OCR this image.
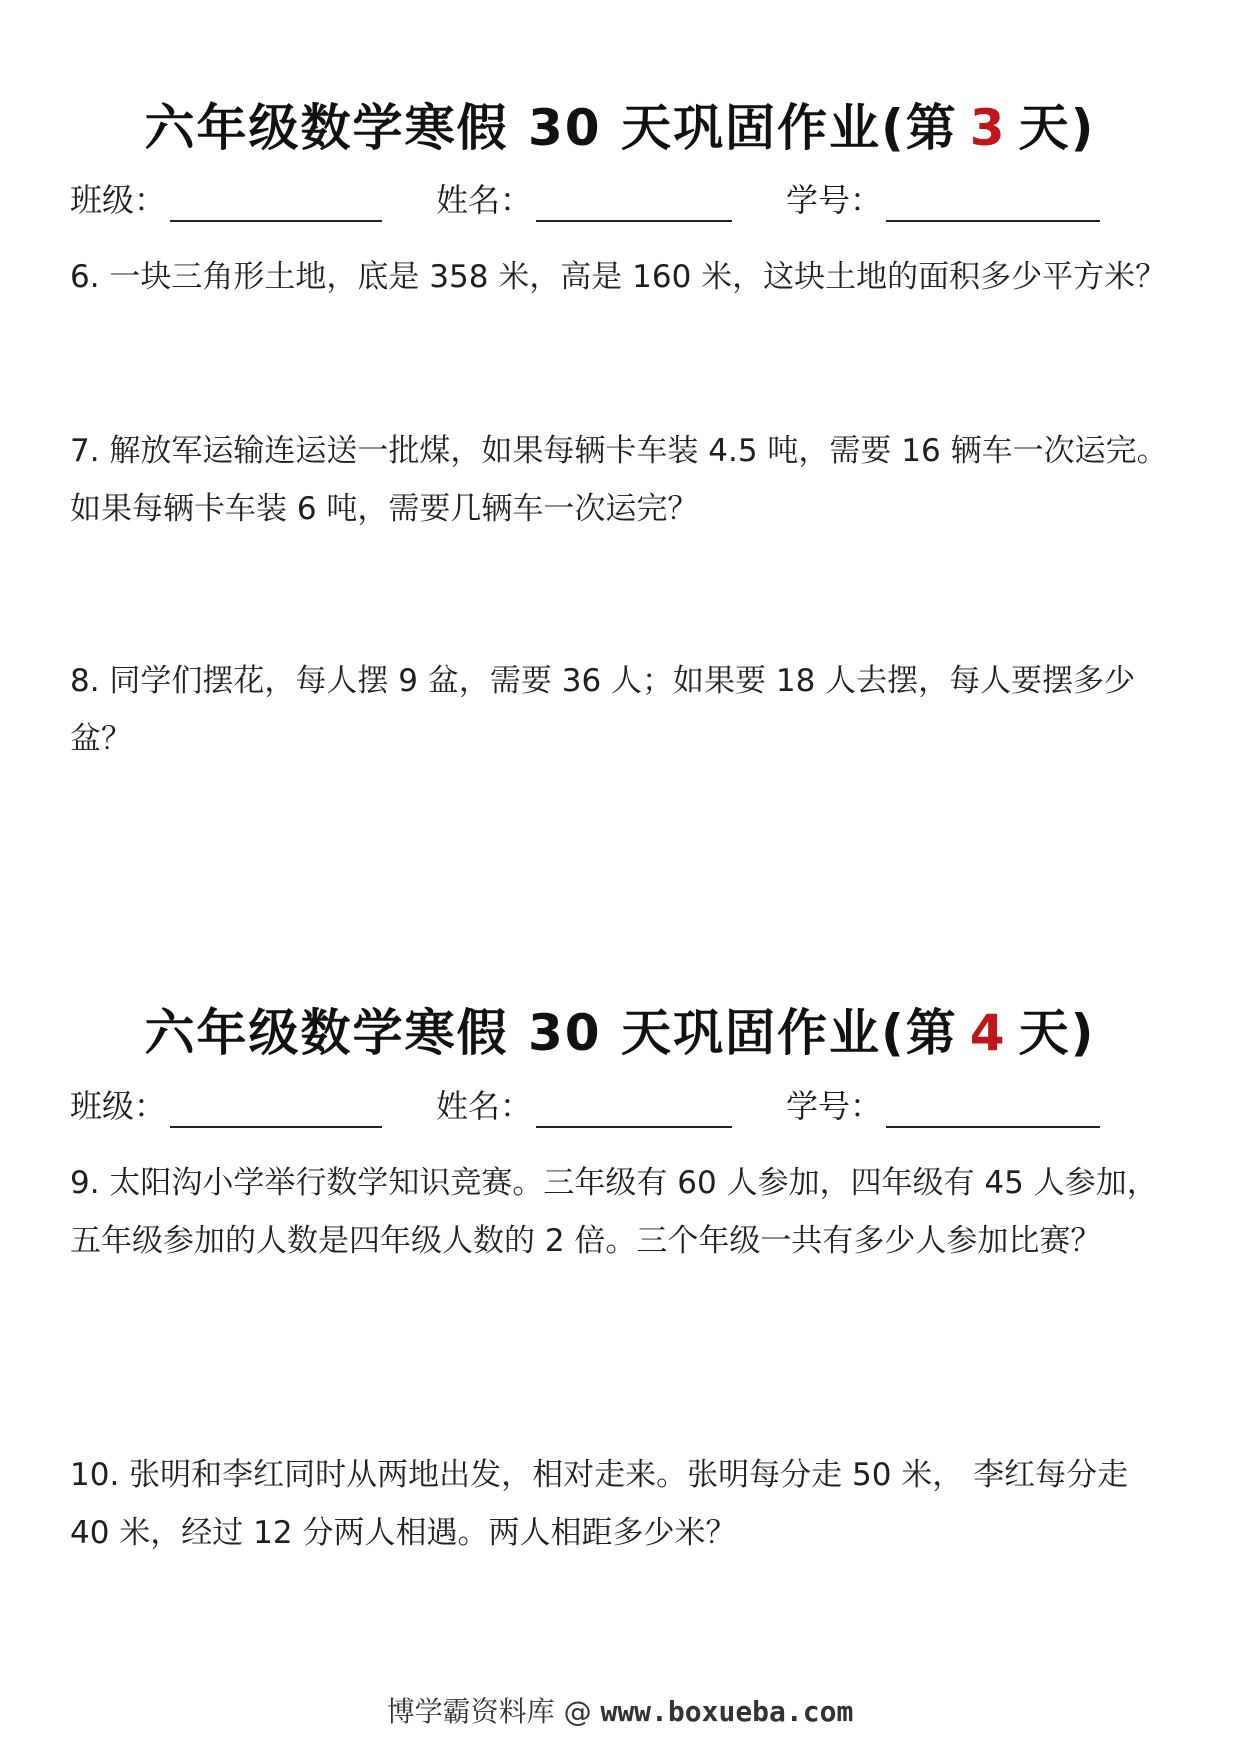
六年级数学寒假 30 天巩固作业(第 3 天)
班级：	姓名：	学号：
6. 一块三角形土地，底是 358 米，高是 160 米，这块土地的面积多少平方米？
7. 解放军运输连运送一批煤，如果每辆卡车装 4.5 吨，需要 16 辆车一次运完。
如果每辆卡车装 6 吨，需要几辆车一次运完？
8. 同学们摆花，每人摆 9 盆，需要 36 人；如果要 18 人去摆，每人要摆多少
盆？
六年级数学寒假 30 天巩固作业(第 4 天)
班级：	姓名：	学号：
9. 太阳沟小学举行数学知识竞赛。三年级有 60 人参加，四年级有 45 人参加，
五年级参加的人数是四年级人数的 2 倍。三个年级一共有多少人参加比赛？
10. 张明和李红同时从两地出发，相对走来。张明每分走 50 米， 李红每分走
40 米，经过 12 分两人相遇。两人相距多少米？
博学霸资料库 @ www.boxueba.com
